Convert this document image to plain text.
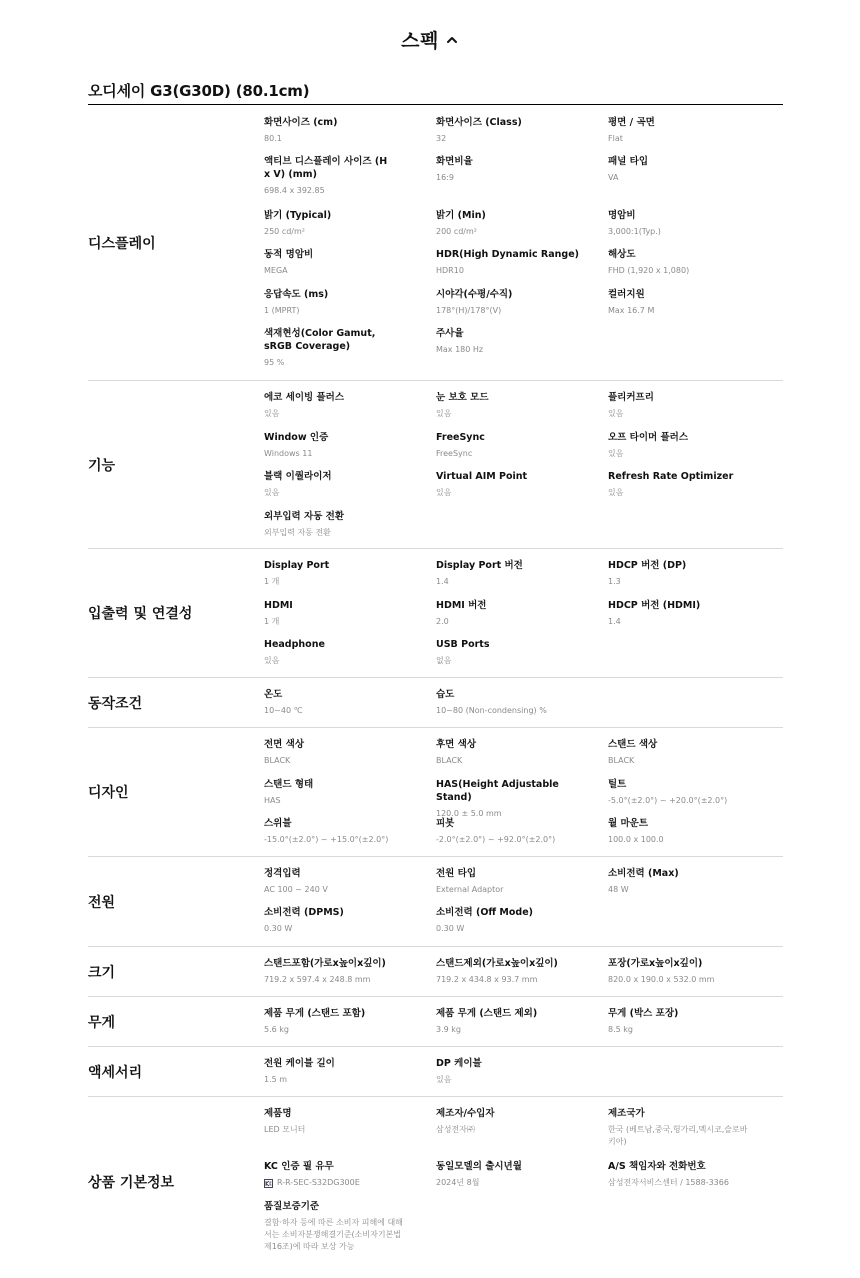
스펙
오디세이 G3(G30D) (80.1cm)
디스플레이
화면사이즈 (cm)
80.1
화면사이즈 (Class)
32
평면 / 곡면
Flat
액티브 디스플레이 사이즈 (H x V) (mm)
698.4 x 392.85
화면비율
16:9
패널 타입
VA
밝기 (Typical)
250 cd/m²
밝기 (Min)
200 cd/m²
명암비
3,000:1(Typ.)
동적 명암비
MEGA
HDR(High Dynamic Range)
HDR10
해상도
FHD (1,920 x 1,080)
응답속도 (ms)
1 (MPRT)
시야각(수평/수직)
178°(H)/178°(V)
컬러지원
Max 16.7 M
색재현성(Color Gamut, sRGB Coverage)
95 %
주사율
Max 180 Hz
기능
에코 세이빙 플러스
있음
눈 보호 모드
있음
플리커프리
있음
Window 인증
Windows 11
FreeSync
FreeSync
오프 타이머 플러스
있음
블랙 이퀄라이저
있음
Virtual AIM Point
있음
Refresh Rate Optimizer
있음
외부입력 자동 전환
외부입력 자동 전환
입출력 및 연결성
Display Port
1 개
Display Port 버전
1.4
HDCP 버전 (DP)
1.3
HDMI
1 개
HDMI 버전
2.0
HDCP 버전 (HDMI)
1.4
Headphone
있음
USB Ports
없음
동작조건
온도
10~40 ℃
습도
10~80 (Non-condensing) %
디자인
전면 색상
BLACK
후면 색상
BLACK
스탠드 색상
BLACK
스탠드 형태
HAS
HAS(Height Adjustable Stand)
120.0 ± 5.0 mm
틸트
-5.0°(±2.0°) ~ +20.0°(±2.0°)
스위블
-15.0°(±2.0°) ~ +15.0°(±2.0°)
피봇
-2.0°(±2.0°) ~ +92.0°(±2.0°)
월 마운트
100.0 x 100.0
전원
정격입력
AC 100 ~ 240 V
전원 타입
External Adaptor
소비전력 (Max)
48 W
소비전력 (DPMS)
0.30 W
소비전력 (Off Mode)
0.30 W
크기
스탠드포함(가로x높이x깊이)
719.2 x 597.4 x 248.8 mm
스탠드제외(가로x높이x깊이)
719.2 x 434.8 x 93.7 mm
포장(가로x높이x깊이)
820.0 x 190.0 x 532.0 mm
무게
제품 무게 (스탠드 포함)
5.6 kg
제품 무게 (스탠드 제외)
3.9 kg
무게 (박스 포장)
8.5 kg
액세서리
전원 케이블 길이
1.5 m
DP 케이블
있음
상품 기본정보
제품명
LED 모니터
제조자/수입자
삼성전자㈜
제조국가
한국 (베트남,중국,헝가리,멕시코,슬로바키아)
KC 인증 필 유무
R-R-SEC-S32DG300E
동일모델의 출시년월
2024년 8월
A/S 책임자와 전화번호
삼성전자서비스센터 / 1588-3366
품질보증기준
결함·하자 등에 따른 소비자 피해에 대해서는 소비자분쟁해결기준(소비자기본법 제16조)에 따라 보상 가능
